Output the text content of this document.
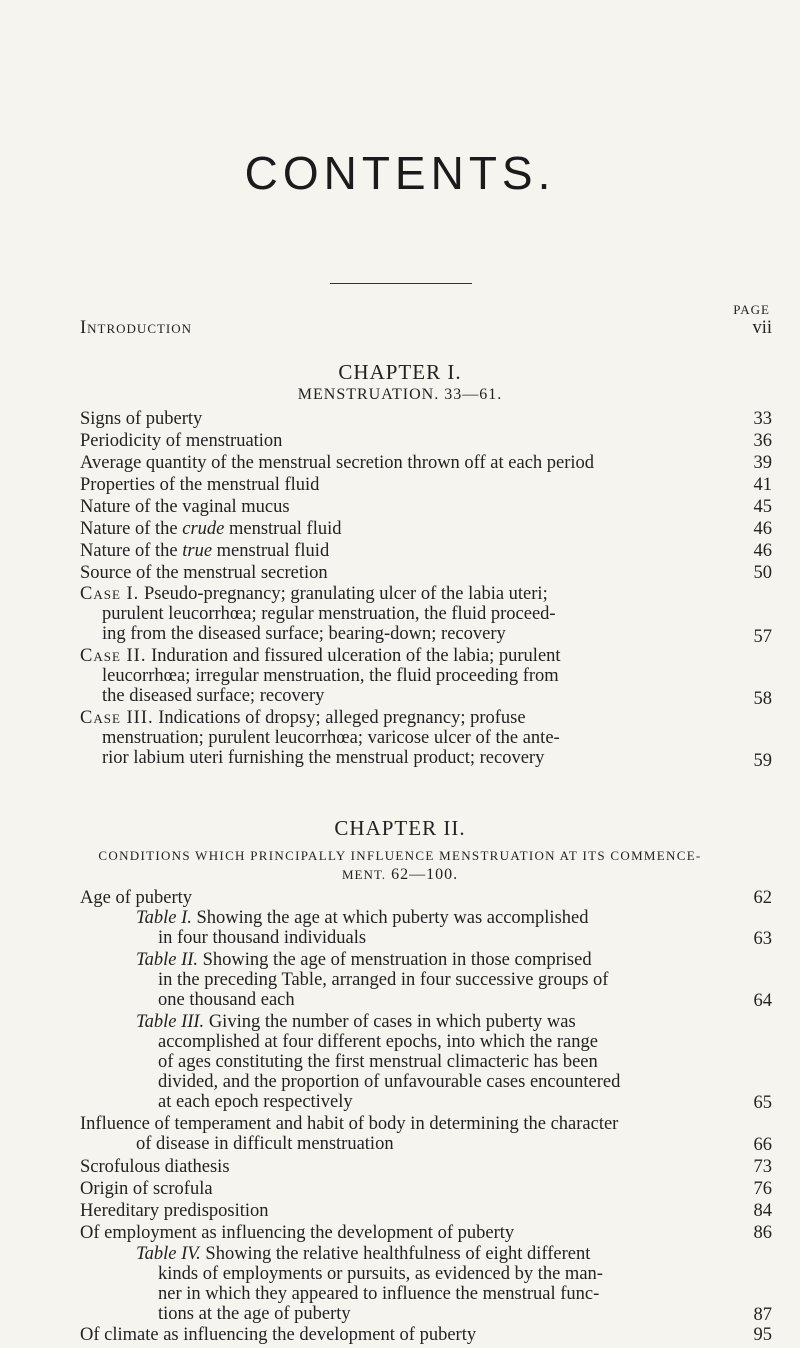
CONTENTS.
PAGE
Introduction	vii
CHAPTER I.
MENSTRUATION. 33—61.
Signs of puberty	33
Periodicity of menstruation	36
Average quantity of the menstrual secretion thrown off at each period	39
Properties of the menstrual fluid	41
Nature of the vaginal mucus	45
Nature of the crude menstrual fluid	46
Nature of the true menstrual fluid	46
Source of the menstrual secretion	50

Case I. Pseudo-pregnancy; granulating ulcer of the labia uteri;

purulent leucorrhœa; regular menstruation, the fluid proceed-

ing from the diseased surface; bearing-down; recovery	57

Case II. Induration and fissured ulceration of the labia; purulent

leucorrhœa; irregular menstruation, the fluid proceeding from

the diseased surface; recovery	58

Case III. Indications of dropsy; alleged pregnancy; profuse

menstruation; purulent leucorrhœa; varicose ulcer of the ante-

rior labium uteri furnishing the menstrual product; recovery	59
CHAPTER II.
CONDITIONS WHICH PRINCIPALLY INFLUENCE MENSTRUATION AT ITS COMMENCE-
MENT. 62—100.
Age of puberty	62

Table I. Showing the age at which puberty was accomplished

in four thousand individuals	63

Table II. Showing the age of menstruation in those comprised

in the preceding Table, arranged in four successive groups of

one thousand each	64

Table III. Giving the number of cases in which puberty was

accomplished at four different epochs, into which the range

of ages constituting the first menstrual climacteric has been

divided, and the proportion of unfavourable cases encountered

at each epoch respectively	65

Influence of temperament and habit of body in determining the character

of disease in difficult menstruation	66
Scrofulous diathesis	73
Origin of scrofula	76
Hereditary predisposition	84
Of employment as influencing the development of puberty	86

Table IV. Showing the relative healthfulness of eight different

kinds of employments or pursuits, as evidenced by the man-

ner in which they appeared to influence the menstrual func-

tions at the age of puberty	87
Of climate as influencing the development of puberty	95
